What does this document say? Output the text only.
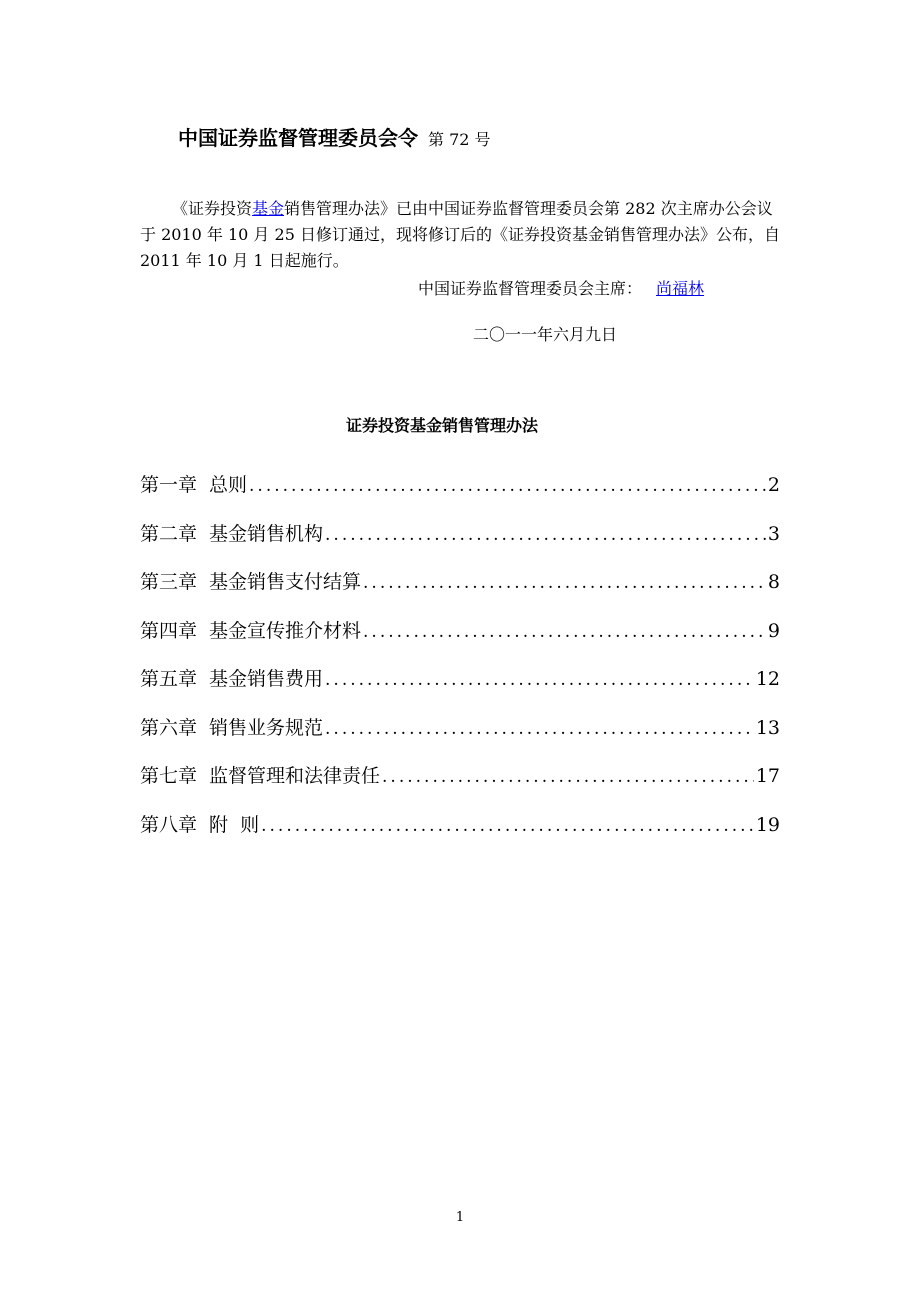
中国证券监督管理委员会令 第 72 号

《证券投资基金销售管理办法》已由中国证券监督管理委员会第 282 次主席办公会议于 2010 年 10 月 25 日修订通过，现将修订后的《证券投资基金销售管理办法》公布，自 2011 年 10 月 1 日起施行。

中国证券监督管理委员会主席： 尚福林
二〇一一年六月九日
证券投资基金销售管理办法
第一章 总则 .....	2
第二章 基金销售机构 .....	3
第三章 基金销售支付结算 .....	8
第四章 基金宣传推介材料 .....	9
第五章 基金销售费用 .....	12
第六章 销售业务规范 .....	13
第七章 监督管理和法律责任 .....	17
第八章 附  则 .....	19
1
